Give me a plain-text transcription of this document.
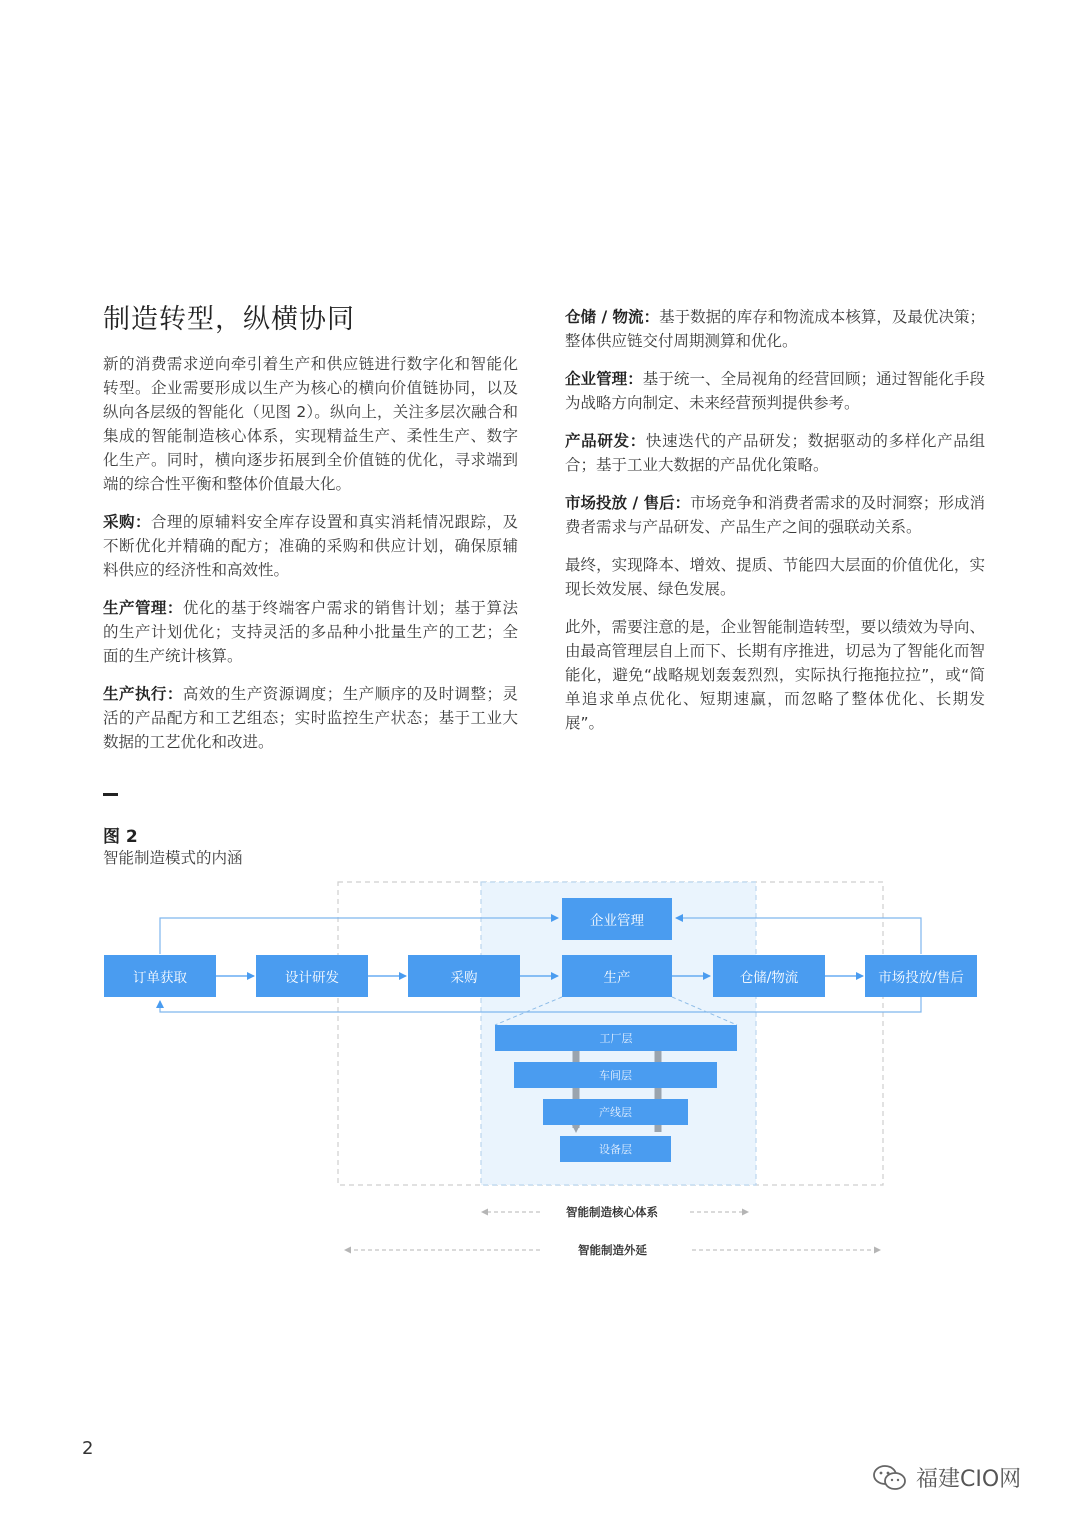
制造转型，纵横协同

新的消费需求逆向牵引着生产和供应链进行数字化和智能化转型。企业需要形成以生产为核心的横向价值链协同，以及纵向各层级的智能化（见图 2）。纵向上，关注多层次融合和集成的智能制造核心体系，实现精益生产、柔性生产、数字化生产。同时，横向逐步拓展到全价值链的优化，寻求端到端的综合性平衡和整体价值最大化。

采购：合理的原辅料安全库存设置和真实消耗情况跟踪，及不断优化并精确的配方；准确的采购和供应计划，确保原辅料供应的经济性和高效性。

生产管理：优化的基于终端客户需求的销售计划；基于算法的生产计划优化；支持灵活的多品种小批量生产的工艺；全面的生产统计核算。

生产执行：高效的生产资源调度；生产顺序的及时调整；灵活的产品配方和工艺组态；实时监控生产状态；基于工业大数据的工艺优化和改进。

仓储 / 物流：基于数据的库存和物流成本核算，及最优决策；整体供应链交付周期测算和优化。

企业管理：基于统一、全局视角的经营回顾；通过智能化手段为战略方向制定、未来经营预判提供参考。

产品研发：快速迭代的产品研发；数据驱动的多样化产品组合；基于工业大数据的产品优化策略。

市场投放 / 售后：市场竞争和消费者需求的及时洞察；形成消费者需求与产品研发、产品生产之间的强联动关系。

最终，实现降本、增效、提质、节能四大层面的价值优化，实现长效发展、绿色发展。

此外，需要注意的是，企业智能制造转型，要以绩效为导向、由最高管理层自上而下、长期有序推进，切忌为了智能化而智能化，避免“战略规划轰轰烈烈，实际执行拖拖拉拉”，或“简单追求单点优化、短期速赢，而忽略了整体优化、长期发展”。

图 2
智能制造模式的内涵
企业管理
订单获取	设计研发	采购	生产	仓储/物流	市场投放/售后
工厂层
车间层
产线层
设备层
智能制造核心体系
智能制造外延
2
福建CIO网
